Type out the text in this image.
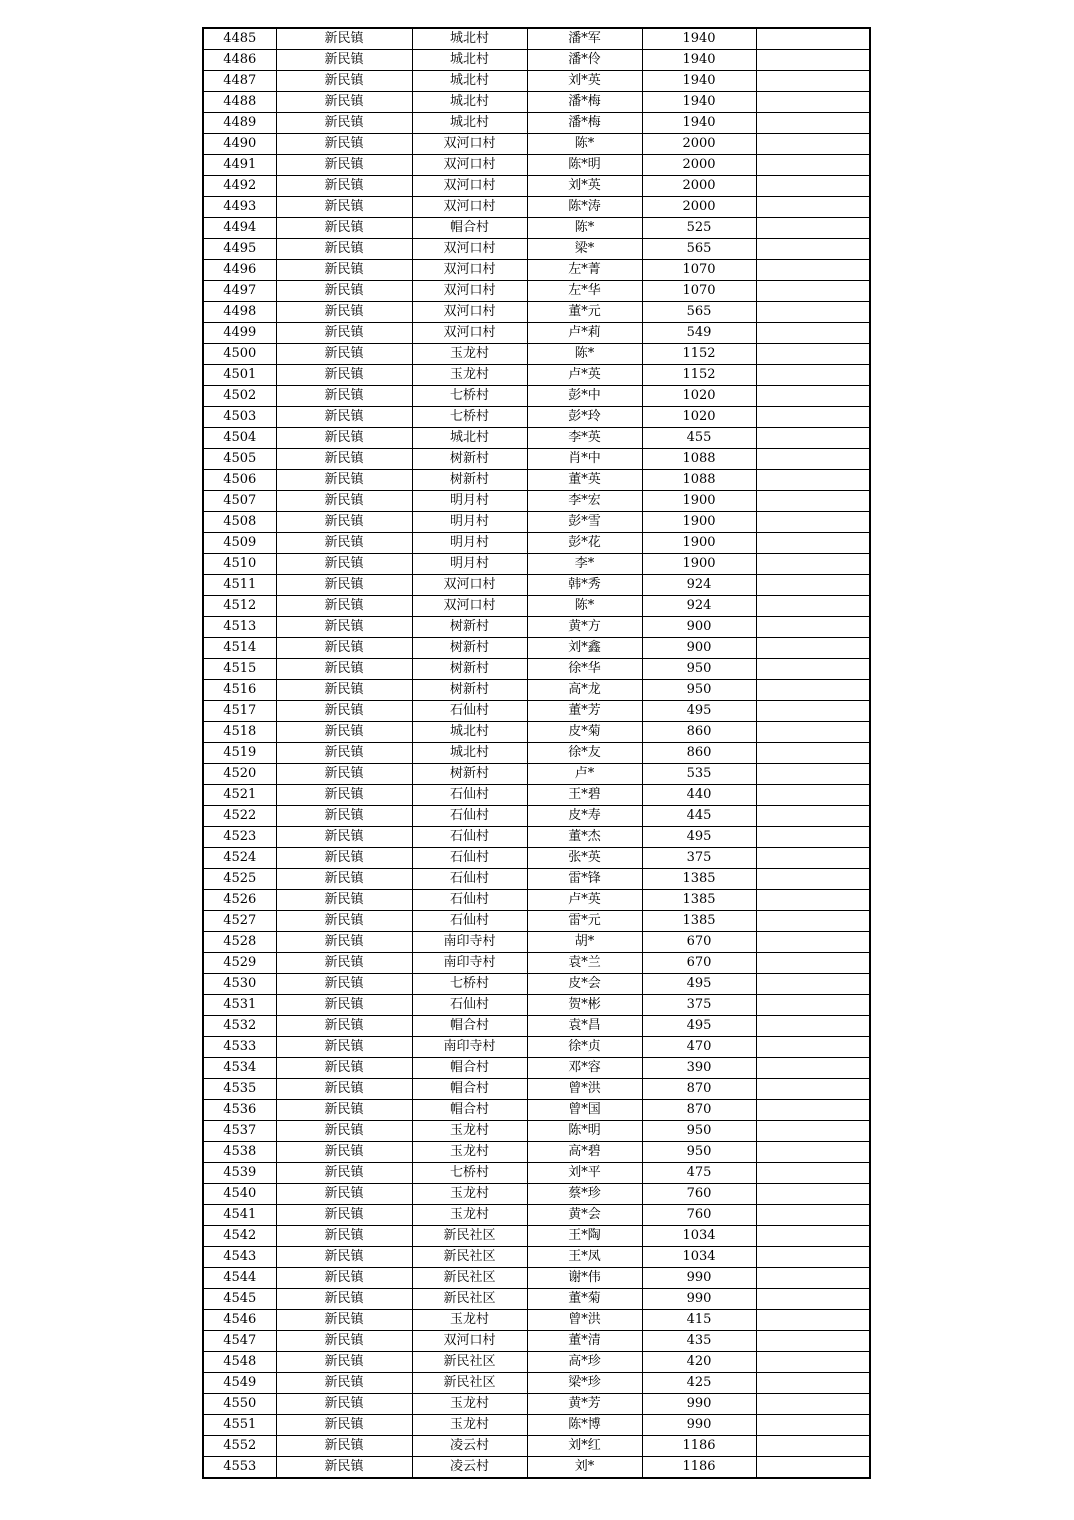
4485	新民镇	城北村	潘*军	1940	
4486	新民镇	城北村	潘*伶	1940	
4487	新民镇	城北村	刘*英	1940	
4488	新民镇	城北村	潘*梅	1940	
4489	新民镇	城北村	潘*梅	1940	
4490	新民镇	双河口村	陈*	2000	
4491	新民镇	双河口村	陈*明	2000	
4492	新民镇	双河口村	刘*英	2000	
4493	新民镇	双河口村	陈*涛	2000	
4494	新民镇	帽合村	陈*	525	
4495	新民镇	双河口村	梁*	565	
4496	新民镇	双河口村	左*菁	1070	
4497	新民镇	双河口村	左*华	1070	
4498	新民镇	双河口村	董*元	565	
4499	新民镇	双河口村	卢*莉	549	
4500	新民镇	玉龙村	陈*	1152	
4501	新民镇	玉龙村	卢*英	1152	
4502	新民镇	七桥村	彭*中	1020	
4503	新民镇	七桥村	彭*玲	1020	
4504	新民镇	城北村	李*英	455	
4505	新民镇	树新村	肖*中	1088	
4506	新民镇	树新村	董*英	1088	
4507	新民镇	明月村	李*宏	1900	
4508	新民镇	明月村	彭*雪	1900	
4509	新民镇	明月村	彭*花	1900	
4510	新民镇	明月村	李*	1900	
4511	新民镇	双河口村	韩*秀	924	
4512	新民镇	双河口村	陈*	924	
4513	新民镇	树新村	黄*方	900	
4514	新民镇	树新村	刘*鑫	900	
4515	新民镇	树新村	徐*华	950	
4516	新民镇	树新村	高*龙	950	
4517	新民镇	石仙村	董*芳	495	
4518	新民镇	城北村	皮*菊	860	
4519	新民镇	城北村	徐*友	860	
4520	新民镇	树新村	卢*	535	
4521	新民镇	石仙村	王*碧	440	
4522	新民镇	石仙村	皮*寿	445	
4523	新民镇	石仙村	董*杰	495	
4524	新民镇	石仙村	张*英	375	
4525	新民镇	石仙村	雷*锋	1385	
4526	新民镇	石仙村	卢*英	1385	
4527	新民镇	石仙村	雷*元	1385	
4528	新民镇	南印寺村	胡*	670	
4529	新民镇	南印寺村	袁*兰	670	
4530	新民镇	七桥村	皮*会	495	
4531	新民镇	石仙村	贺*彬	375	
4532	新民镇	帽合村	袁*昌	495	
4533	新民镇	南印寺村	徐*贞	470	
4534	新民镇	帽合村	邓*容	390	
4535	新民镇	帽合村	曾*洪	870	
4536	新民镇	帽合村	曾*国	870	
4537	新民镇	玉龙村	陈*明	950	
4538	新民镇	玉龙村	高*碧	950	
4539	新民镇	七桥村	刘*平	475	
4540	新民镇	玉龙村	蔡*珍	760	
4541	新民镇	玉龙村	黄*会	760	
4542	新民镇	新民社区	王*陶	1034	
4543	新民镇	新民社区	王*凤	1034	
4544	新民镇	新民社区	谢*伟	990	
4545	新民镇	新民社区	董*菊	990	
4546	新民镇	玉龙村	曾*洪	415	
4547	新民镇	双河口村	董*清	435	
4548	新民镇	新民社区	高*珍	420	
4549	新民镇	新民社区	梁*珍	425	
4550	新民镇	玉龙村	黄*芳	990	
4551	新民镇	玉龙村	陈*博	990	
4552	新民镇	凌云村	刘*红	1186	
4553	新民镇	凌云村	刘*	1186	
